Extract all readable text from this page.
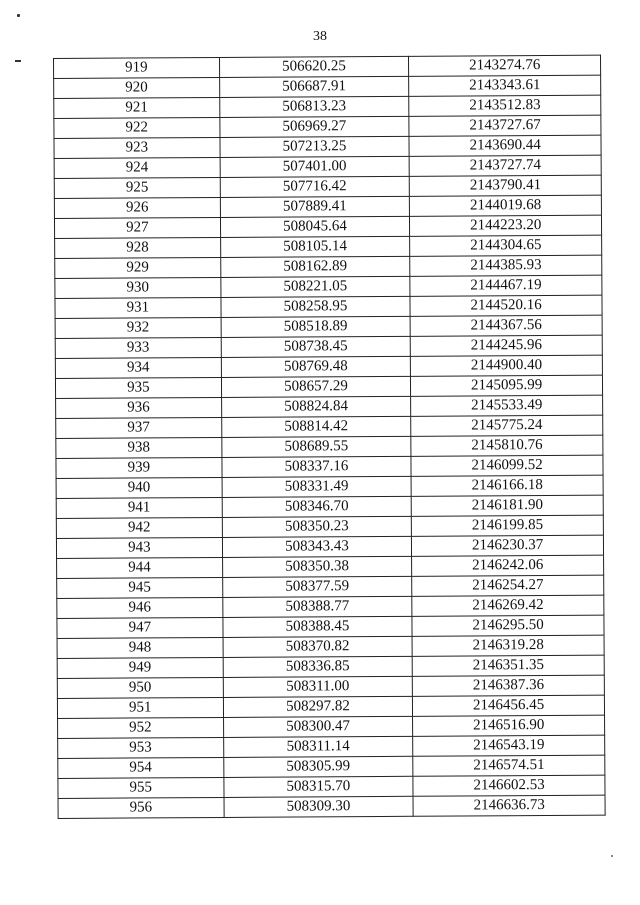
38
919	506620.25	2143274.76
920	506687.91	2143343.61
921	506813.23	2143512.83
922	506969.27	2143727.67
923	507213.25	2143690.44
924	507401.00	2143727.74
925	507716.42	2143790.41
926	507889.41	2144019.68
927	508045.64	2144223.20
928	508105.14	2144304.65
929	508162.89	2144385.93
930	508221.05	2144467.19
931	508258.95	2144520.16
932	508518.89	2144367.56
933	508738.45	2144245.96
934	508769.48	2144900.40
935	508657.29	2145095.99
936	508824.84	2145533.49
937	508814.42	2145775.24
938	508689.55	2145810.76
939	508337.16	2146099.52
940	508331.49	2146166.18
941	508346.70	2146181.90
942	508350.23	2146199.85
943	508343.43	2146230.37
944	508350.38	2146242.06
945	508377.59	2146254.27
946	508388.77	2146269.42
947	508388.45	2146295.50
948	508370.82	2146319.28
949	508336.85	2146351.35
950	508311.00	2146387.36
951	508297.82	2146456.45
952	508300.47	2146516.90
953	508311.14	2146543.19
954	508305.99	2146574.51
955	508315.70	2146602.53
956	508309.30	2146636.73
